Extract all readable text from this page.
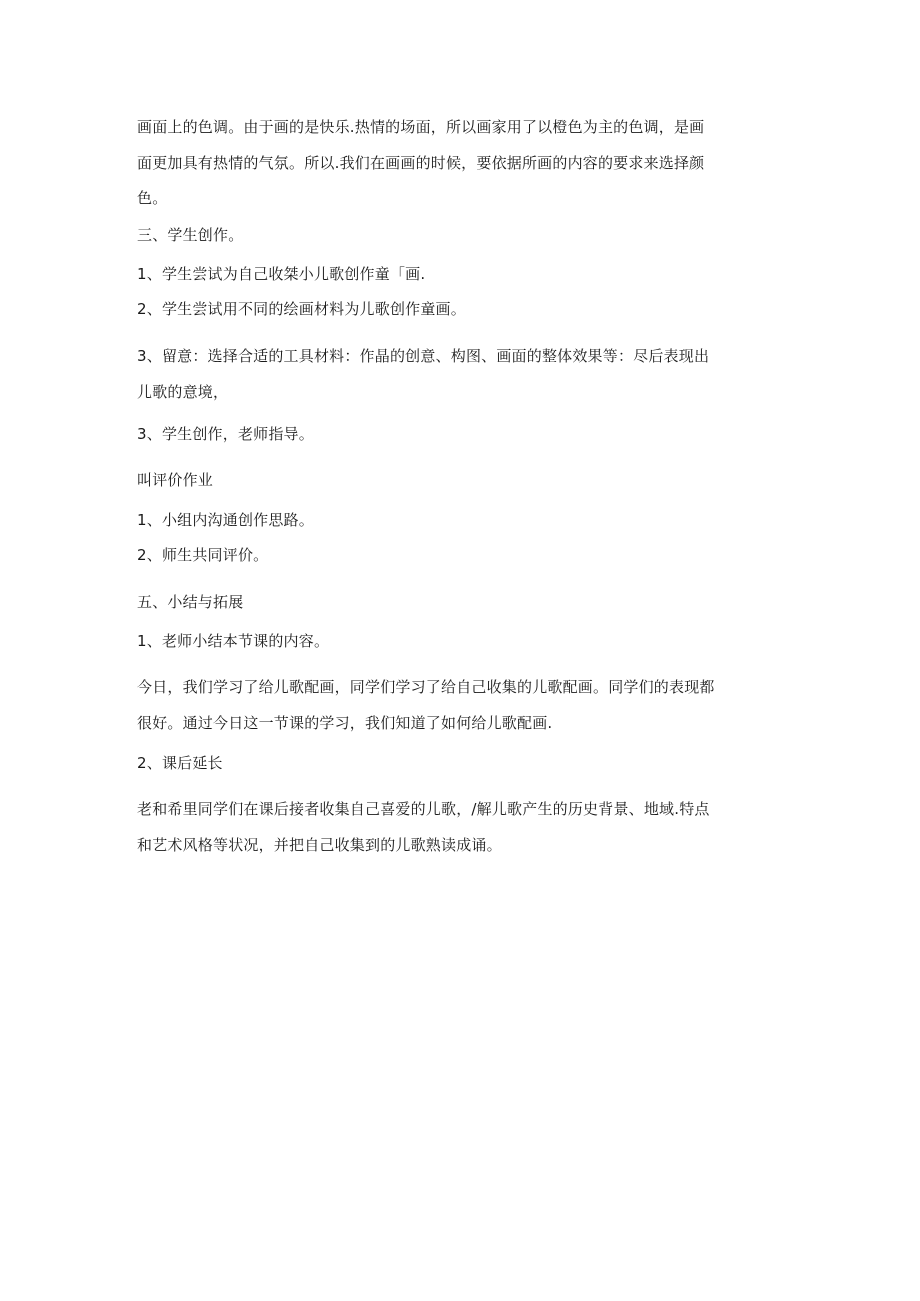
画面上的色调。由于画的是快乐.热情的场面，所以画家用了以橙色为主的色调，是画
面更加具有热情的气氛。所以.我们在画画的时候，要依据所画的内容的要求来选择颜
色。
三、学生创作。
1、学生尝试为自己收桀小儿歌创作童「画.
2、学生尝试用不同的绘画材料为儿歌创作童画。
3、留意：选择合适的工具材料：作晶的创意、构图、画面的整体效果等：尽后表现出
儿歌的意境，
3、学生创作，老师指导。
叫评价作业
1、小组内沟通创作思路。
2、师生共同评价。
五、小结与拓展
1、老师小结本节课的内容。
今日，我们学习了给儿歌配画，同学们学习了给自己收集的儿歌配画。同学们的表现都
很好。通过今日这一节课的学习，我们知道了如何给儿歌配画.
2、课后延长
老和希里同学们在课后接者收集自己喜爱的儿歌，/解儿歌产生的历史背景、地域.特点
和艺术风格等状况，并把自己收集到的儿歌熟读成诵。
